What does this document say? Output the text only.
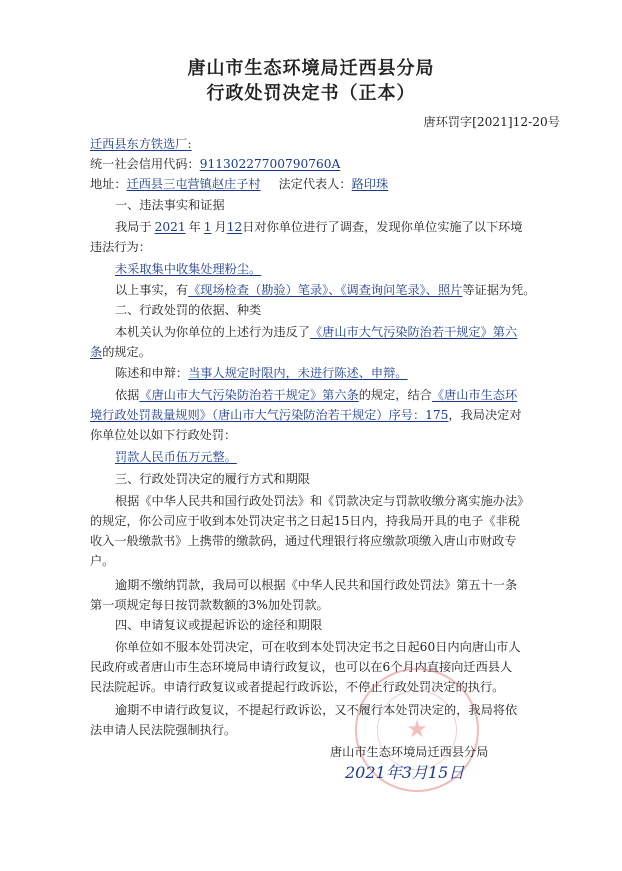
唐山市生态环境局迁西县分局
行政处罚决定书（正本）
唐环罚字[2021]12-20号
迁西县东方铁选厂:
统一社会信用代码：91130227700790760A
地址：迁西县三屯营镇赵庄子村 法定代表人：路印珠
一、违法事实和证据
我局于 2021 年 1 月12日对你单位进行了调查，发现你单位实施了以下环境
违法行为：
未采取集中收集处理粉尘。
以上事实，有《现场检查（勘验）笔录》、《调查询问笔录》、照片等证据为凭。
二、行政处罚的依据、种类
本机关认为你单位的上述行为违反了《唐山市大气污染防治若干规定》第六
条的规定。
陈述和申辩：当事人规定时限内，未进行陈述、申辩。
依据《唐山市大气污染防治若干规定》第六条的规定，结合《唐山市生态环
境行政处罚裁量规则》（唐山市大气污染防治若干规定）序号：175，我局决定对
你单位处以如下行政处罚：
罚款人民币伍万元整。
三、行政处罚决定的履行方式和期限
根据《中华人民共和国行政处罚法》和《罚款决定与罚款收缴分离实施办法》
的规定，你公司应于收到本处罚决定书之日起15日内，持我局开具的电子《非税
收入一般缴款书》上携带的缴款码，通过代理银行将应缴款项缴入唐山市财政专
户。
逾期不缴纳罚款，我局可以根据《中华人民共和国行政处罚法》第五十一条
第一项规定每日按罚款数额的3%加处罚款。
四、申请复议或提起诉讼的途径和期限
你单位如不服本处罚决定，可在收到本处罚决定书之日起60日内向唐山市人
民政府或者唐山市生态环境局申请行政复议，也可以在6个月内直接向迁西县人
民法院起诉。申请行政复议或者提起行政诉讼，不停止行政处罚决定的执行。
逾期不申请行政复议，不提起行政诉讼，又不履行本处罚决定的，我局将依
法申请人民法院强制执行。	★
唐山市生态环境局迁西县分局
2021年3月15日
